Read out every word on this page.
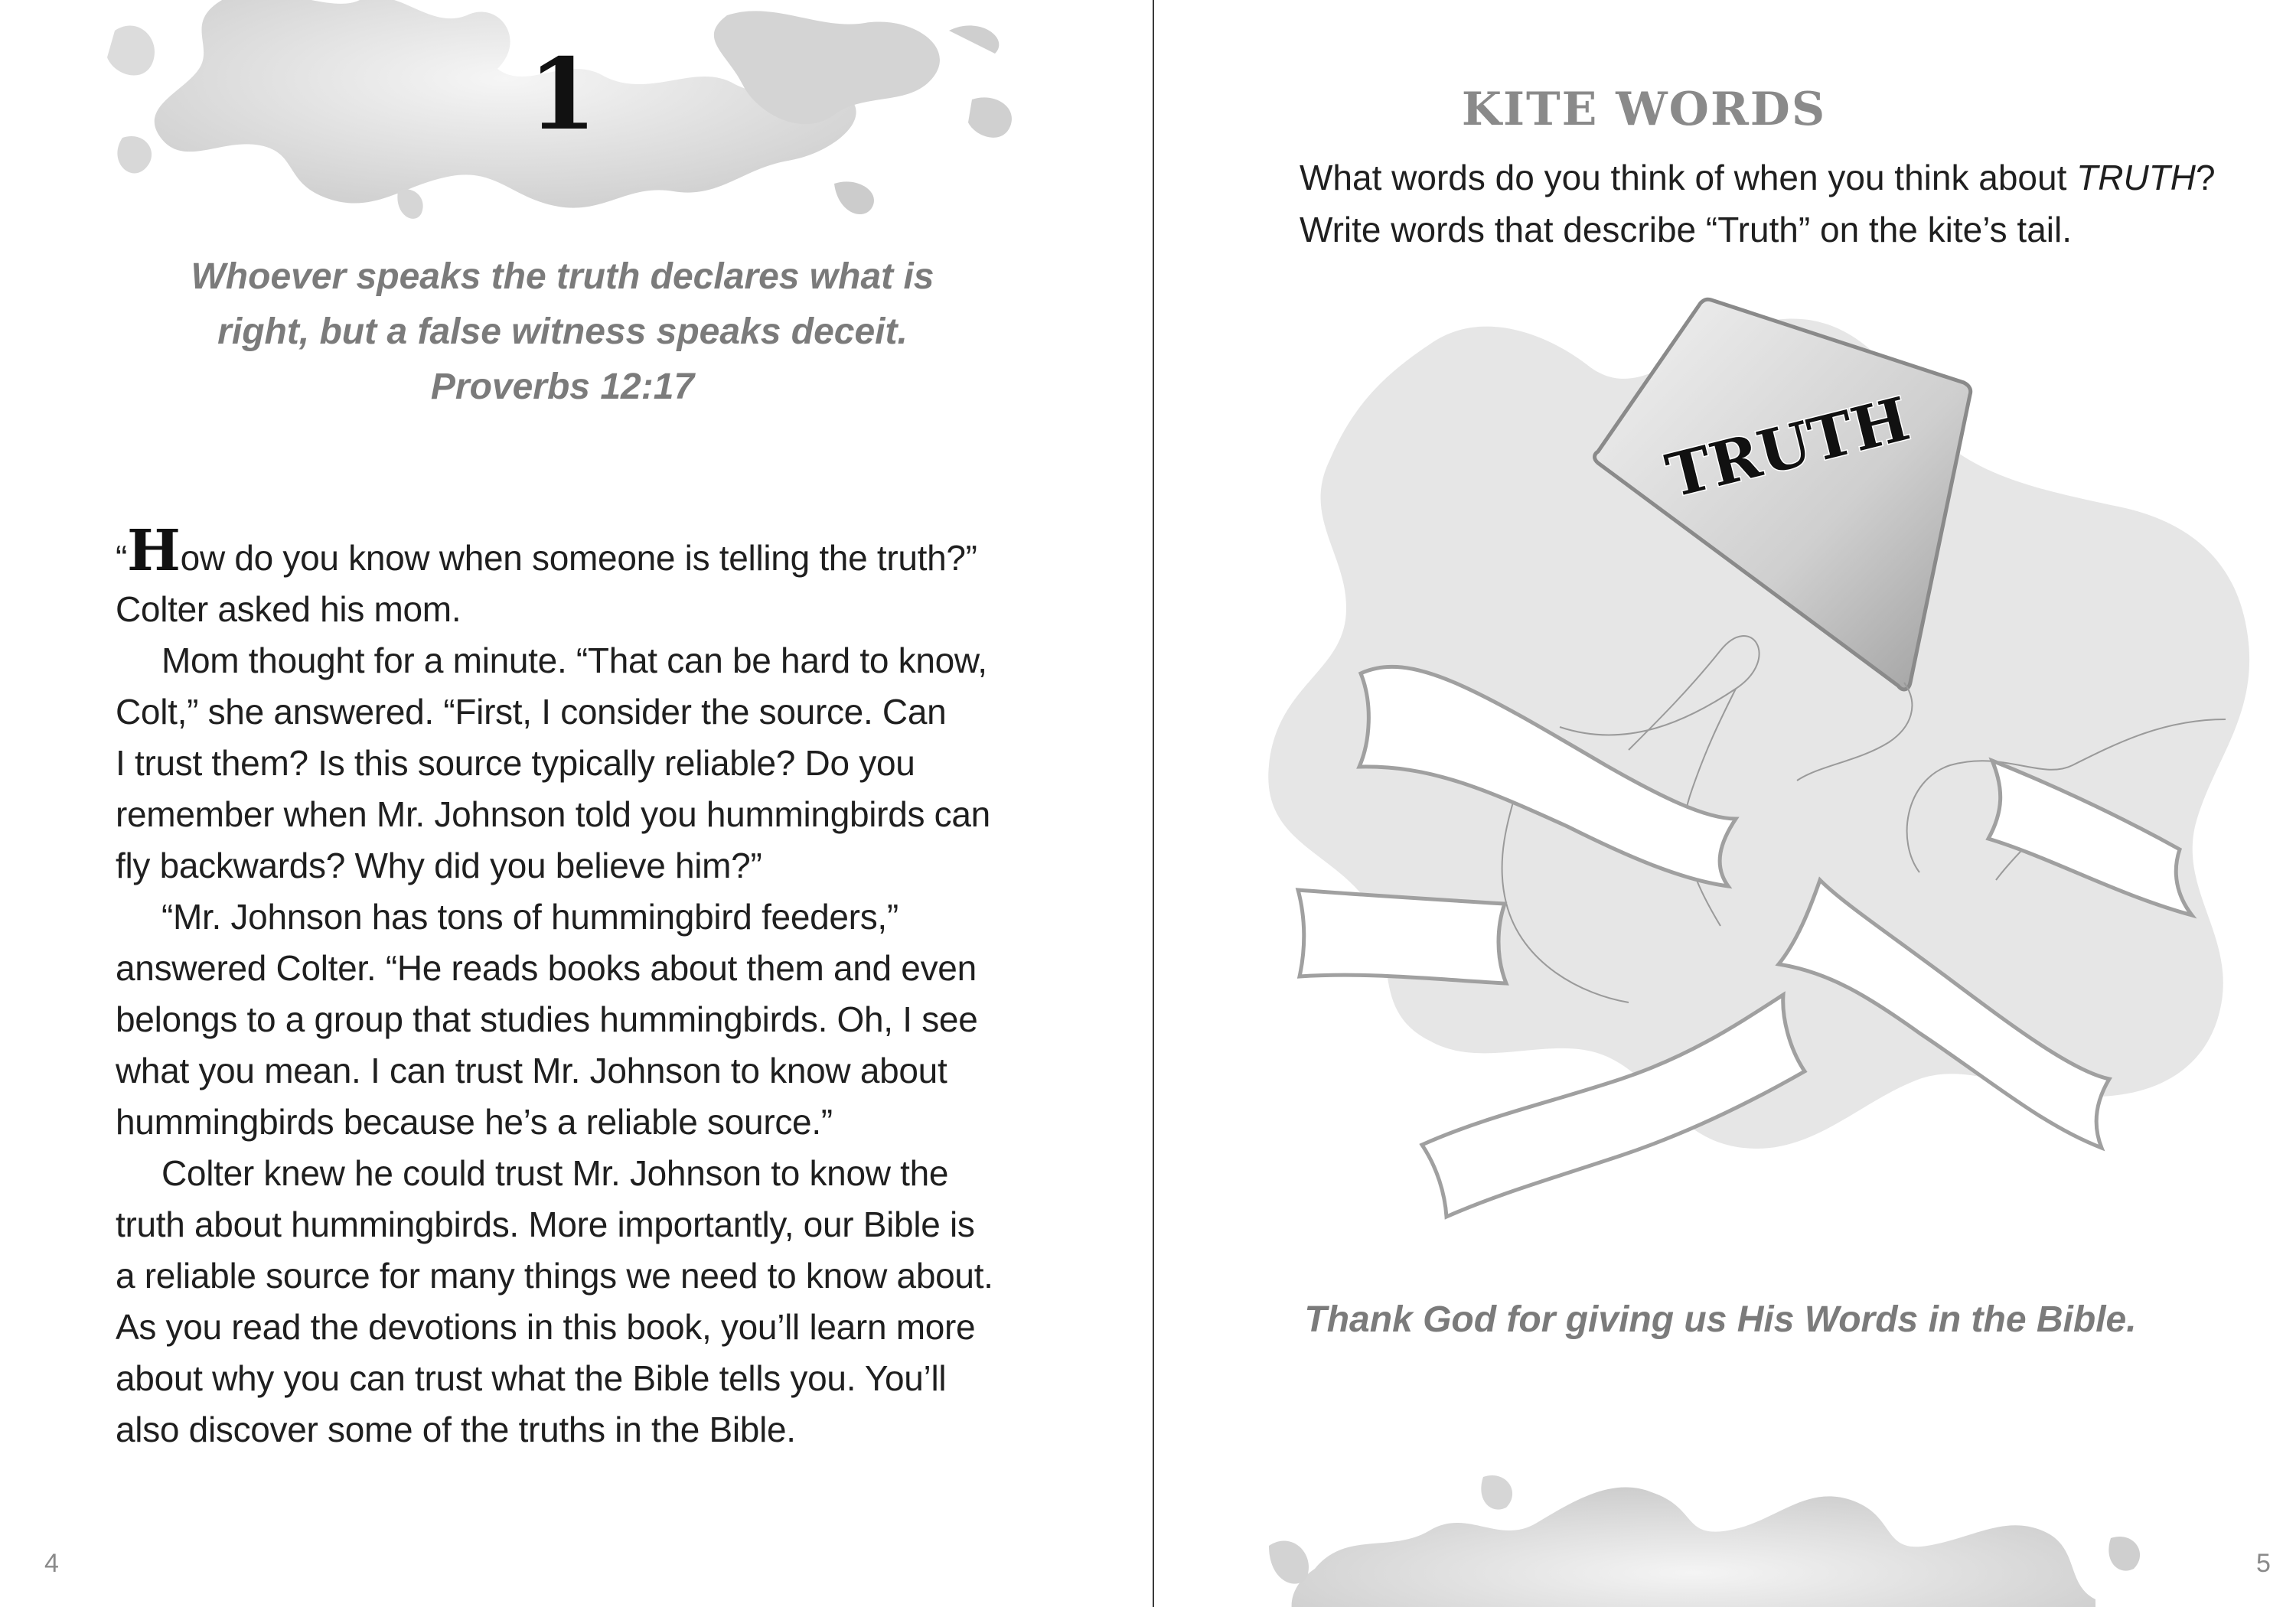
1
Whoever speaks the truth declares what is
right, but a false witness speaks deceit.
Proverbs 12:17
“How do you know when someone is telling the truth?”
Colter asked his mom.
Mom thought for a minute. “That can be hard to know,
Colt,” she answered. “First, I consider the source. Can
I trust them? Is this source typically reliable? Do you
remember when Mr. Johnson told you hummingbirds can
fly backwards? Why did you believe him?”
“Mr. Johnson has tons of hummingbird feeders,”
answered Colter. “He reads books about them and even
belongs to a group that studies hummingbirds. Oh, I see
what you mean. I can trust Mr. Johnson to know about
hummingbirds because he’s a reliable source.”
Colter knew he could trust Mr. Johnson to know the
truth about hummingbirds. More importantly, our Bible is
a reliable source for many things we need to know about.
As you read the devotions in this book, you’ll learn more
about why you can trust what the Bible tells you. You’ll
also discover some of the truths in the Bible.
4
KITE WORDS
What words do you think of when you think about TRUTH?
Write words that describe “Truth” on the kite’s tail.
TRUTH
Thank God for giving us His Words in the Bible.
5
